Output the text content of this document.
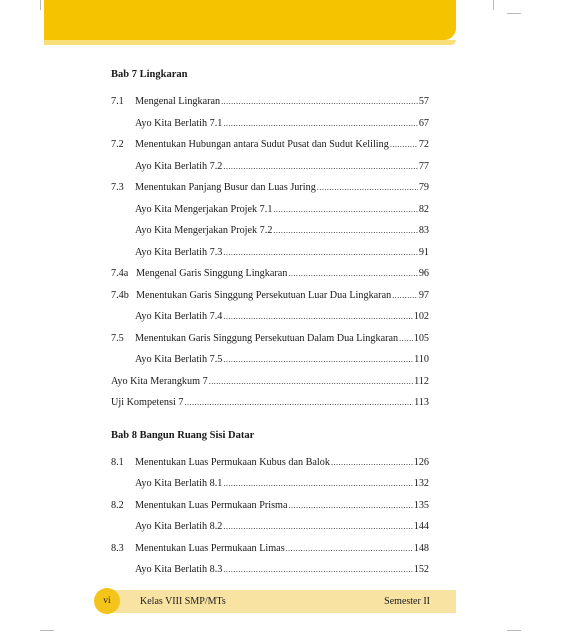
Bab 7 Lingkaran
7.1	Mengenal Lingkaran .....	57
Ayo Kita Berlatih 7.1 .....	67
7.2	Menentukan Hubungan antara Sudut Pusat dan Sudut Keliling .....	72
Ayo Kita Berlatih 7.2 .....	77
7.3	Menentukan Panjang Busur dan Luas Juring .....	79
Ayo Kita Mengerjakan Projek 7.1 .....	82
Ayo Kita Mengerjakan Projek 7.2 .....	83
Ayo Kita Berlatih 7.3 .....	91
7.4a Mengenal Garis Singgung Lingkaran .....	96
7.4b Menentukan Garis Singgung Persekutuan Luar Dua Lingkaran .....	97
Ayo Kita Berlatih 7.4 .....	102
7.5	Menentukan Garis Singgung Persekutuan Dalam Dua Lingkaran ..... 105
Ayo Kita Berlatih 7.5 .....	110
Ayo Kita Merangkum 7 .....	112
Uji Kompetensi 7 .....	113
Bab 8 Bangun Ruang Sisi Datar
8.1	Menentukan Luas Permukaan Kubus dan Balok .....	126
Ayo Kita Berlatih 8.1 .....	132
8.2	Menentukan Luas Permukaan Prisma .....	135
Ayo Kita Berlatih 8.2 .....	144
8.3	Menentukan Luas Permukaan Limas .....	148
Ayo Kita Berlatih 8.3 .....	152
vi	Kelas VIII SMP/MTs	Semester II
